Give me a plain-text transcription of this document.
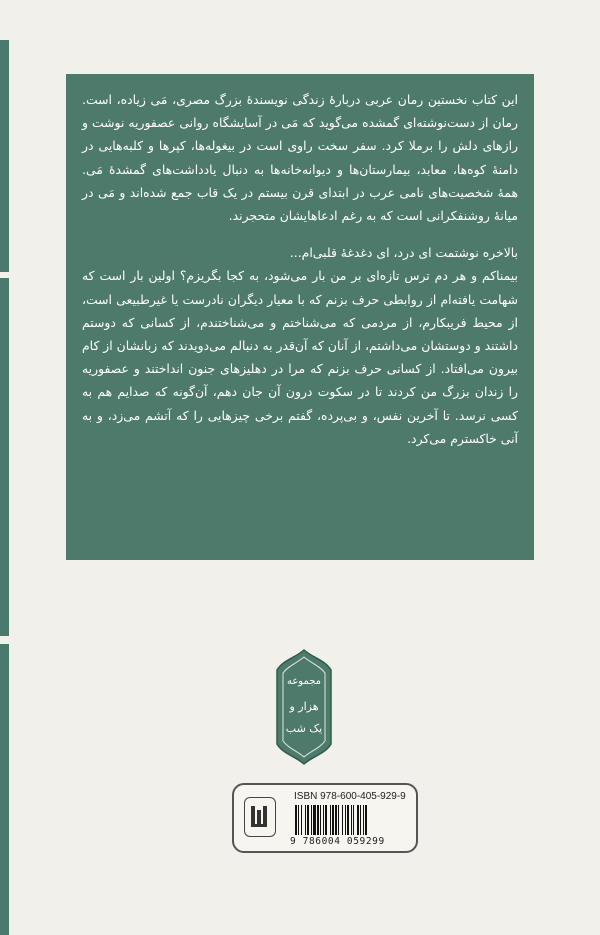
این کتاب نخستین رمان عربی دربارهٔ زندگی نویسندهٔ بزرگ مصری، مَی زیاده، است. رمان از دست‌نوشته‌ای گمشده می‌گوید که مَی در آسایشگاه روانی عصفوریه نوشت و رازهای دلش را برملا کرد. سفر سخت راوی است در بیغوله‌ها، کپرها و کلبه‌هایی در دامنهٔ کوه‌ها، معابد، بیمارستان‌ها و دیوانه‌خانه‌ها به دنبال یادداشت‌های گمشدهٔ مَی. همهٔ شخصیت‌های نامی عرب در ابتدای قرن بیستم در یک قاب جمع شده‌اند و مَی در میانهٔ روشنفکرانی است که به رغم ادعاهایشان متحجرند.

بالاخره نوشتمت ای درد، ای دغدغهٔ قلبی‌ام...

بیمناکم و هر دم ترس تازه‌ای بر من بار می‌شود، به کجا بگریزم؟ اولین بار است که شهامت یافته‌ام از روابطی حرف بزنم که با معیار دیگران نادرست یا غیرطبیعی است، از محیط فریبکارم، از مردمی که می‌شناختم و می‌شناختندم، از کسانی که دوستم داشتند و دوستشان می‌داشتم، از آنان که آن‌قدر به دنبالم می‌دویدند که زبانشان از کام بیرون می‌افتاد. از کسانی حرف بزنم که مرا در دهلیزهای جنون انداختند و عصفوریه را زندان بزرگ من کردند تا در سکوت درون آن جان دهم، آن‌گونه که صدایم هم به کسی نرسد. تا آخرین نفس، و بی‌پرده، گفتم برخی چیزهایی را که آتشم می‌زد، و به آنی خاکسترم می‌کرد.

مجموعه
هزار و
یک شب
ISBN 978-600-405-929-9
9 786004 059299
